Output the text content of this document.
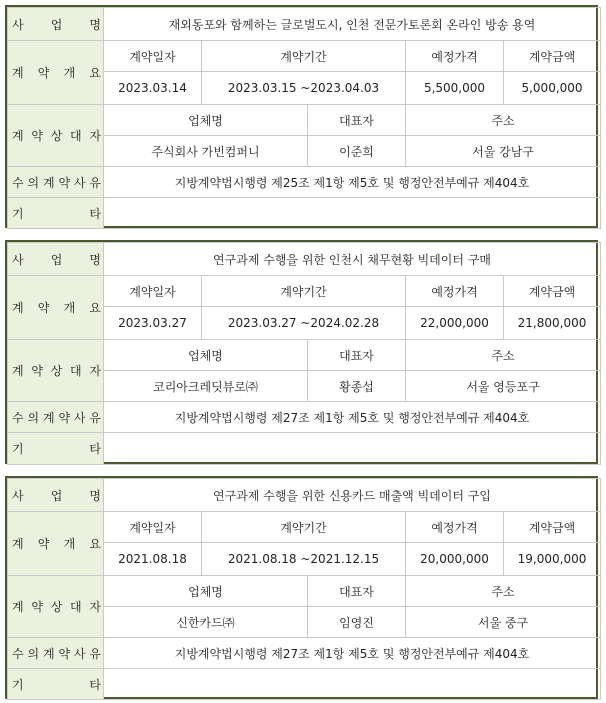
사 업 명	재외동포와 함께하는 글로벌도시, 인천 전문가토론회 온라인 방송 용역				

계 약 개 요	계약일자	계약기간		예정가격	계약금액
	2023.03.14	2023.03.15 ~2023.04.03		5,500,000	5,000,000

계 약 상 대 자	업체명		대표자	주소	
	주식회사 가빈컴퍼니		이준희	서울 강남구	

수 의 계 약 사 유	지방계약법시행령 제25조 제1항 제5호 및 행정안전부예규 제404호				

기 타					

사 업 명	연구과제 수행을 위한 인천시 채무현황 빅데이터 구매				

계 약 개 요	계약일자	계약기간		예정가격	계약금액
	2023.03.27	2023.03.27 ~2024.02.28		22,000,000	21,800,000

계 약 상 대 자	업체명		대표자	주소	
	코리아크레딧뷰로㈜		황종섭	서울 영등포구	

수 의 계 약 사 유	지방계약법시행령 제27조 제1항 제5호 및 행정안전부예규 제404호				

기 타					

사 업 명	연구과제 수행을 위한 신용카드 매출액 빅데이터 구입				

계 약 개 요	계약일자	계약기간		예정가격	계약금액
	2021.08.18	2021.08.18 ~2021.12.15		20,000,000	19,000,000

계 약 상 대 자	업체명		대표자	주소	
	신한카드㈜		임영진	서울 중구	

수 의 계 약 사 유	지방계약법시행령 제27조 제1항 제5호 및 행정안전부예규 제404호				

기 타					
